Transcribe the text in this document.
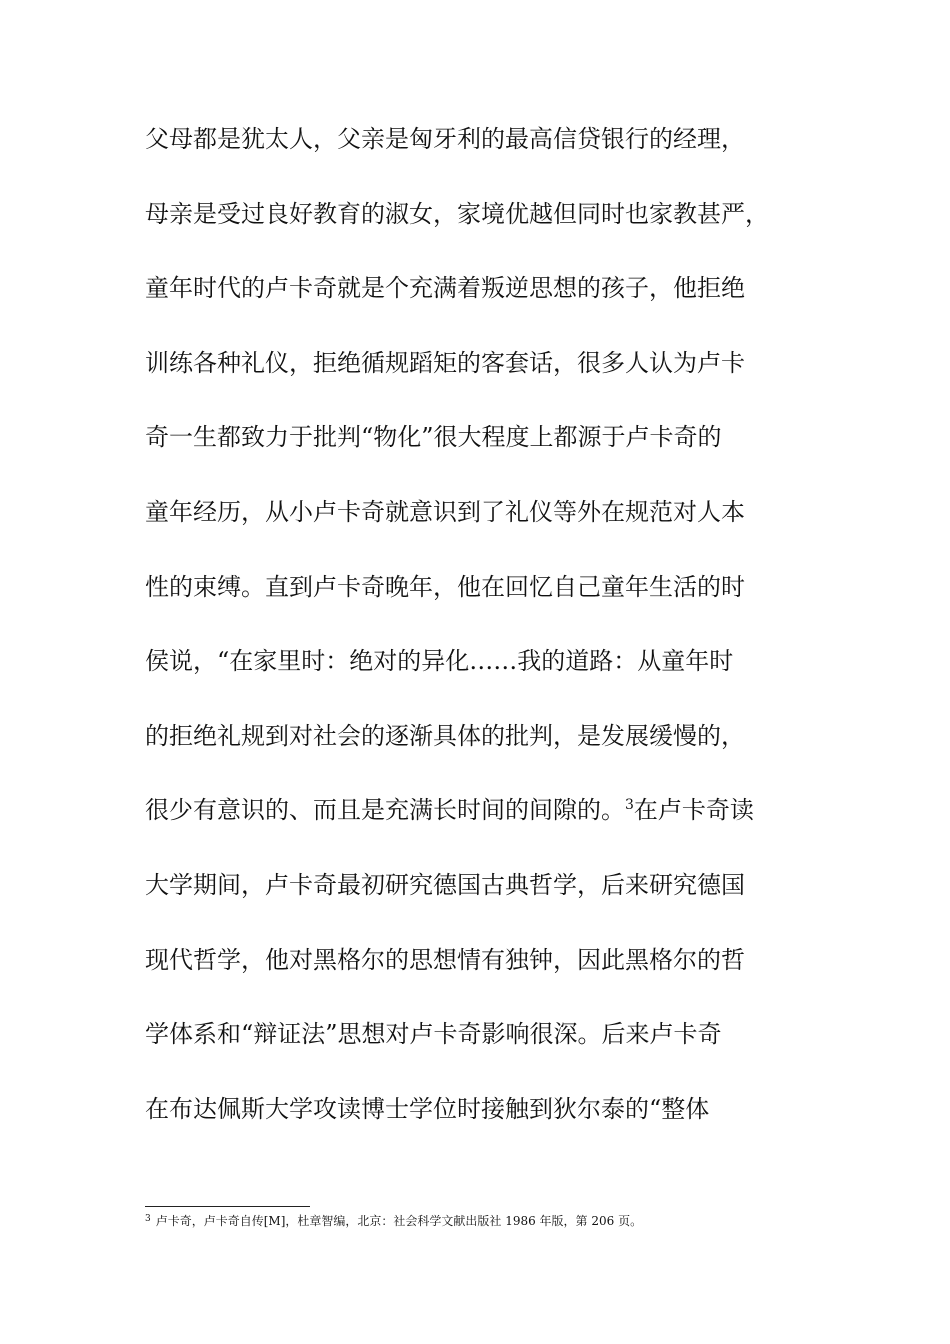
父母都是犹太人，父亲是匈牙利的最高信贷银行的经理，
母亲是受过良好教育的淑女，家境优越但同时也家教甚严，
童年时代的卢卡奇就是个充满着叛逆思想的孩子，他拒绝
训练各种礼仪，拒绝循规蹈矩的客套话，很多人认为卢卡
奇一生都致力于批判“物化”很大程度上都源于卢卡奇的
童年经历，从小卢卡奇就意识到了礼仪等外在规范对人本
性的束缚。直到卢卡奇晚年，他在回忆自己童年生活的时
侯说，“在家里时：绝对的异化……我的道路：从童年时
的拒绝礼规到对社会的逐渐具体的批判，是发展缓慢的，
很少有意识的、而且是充满长时间的间隙的。$^3$在卢卡奇读
大学期间，卢卡奇最初研究德国古典哲学，后来研究德国
现代哲学，他对黑格尔的思想情有独钟，因此黑格尔的哲
学体系和“辩证法”思想对卢卡奇影响很深。后来卢卡奇
在布达佩斯大学攻读博士学位时接触到狄尔泰的“整体
$^3$ 卢卡奇，卢卡奇自传[M]，杜章智编，北京：社会科学文献出版社 1986 年版，第 206 页。
